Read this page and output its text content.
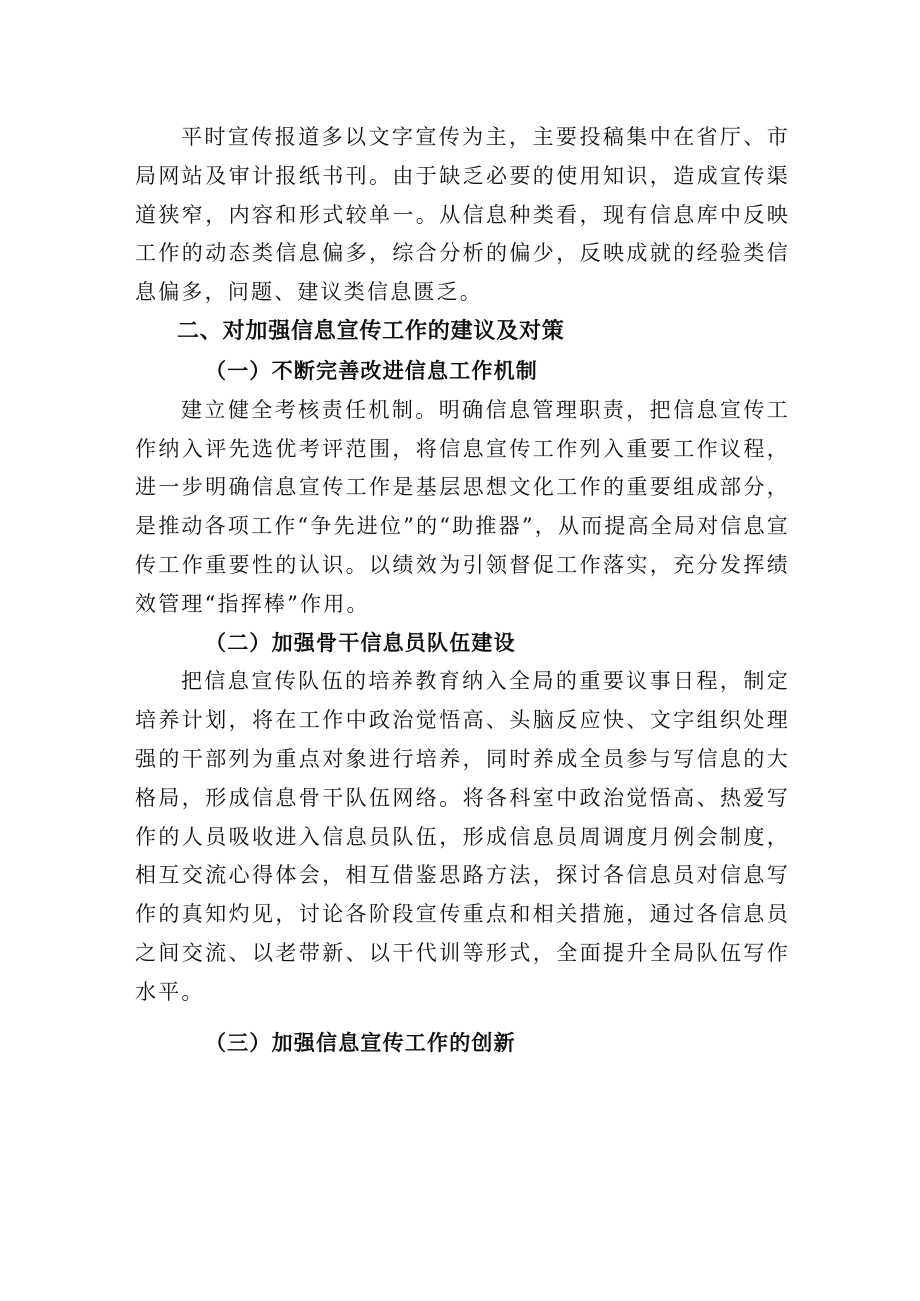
平时宣传报道多以文字宣传为主，主要投稿集中在省厅、市局网站及审计报纸书刊。由于缺乏必要的使用知识，造成宣传渠道狭窄，内容和形式较单一。从信息种类看，现有信息库中反映工作的动态类信息偏多，综合分析的偏少，反映成就的经验类信息偏多，问题、建议类信息匮乏。

二、对加强信息宣传工作的建议及对策
（一）不断完善改进信息工作机制

建立健全考核责任机制。明确信息管理职责，把信息宣传工作纳入评先选优考评范围，将信息宣传工作列入重要工作议程，进一步明确信息宣传工作是基层思想文化工作的重要组成部分，是推动各项工作“争先进位”的“助推器”，从而提高全局对信息宣传工作重要性的认识。以绩效为引领督促工作落实，充分发挥绩效管理“指挥棒”作用。

（二）加强骨干信息员队伍建设

把信息宣传队伍的培养教育纳入全局的重要议事日程，制定培养计划，将在工作中政治觉悟高、头脑反应快、文字组织处理强的干部列为重点对象进行培养，同时养成全员参与写信息的大格局，形成信息骨干队伍网络。将各科室中政治觉悟高、热爱写作的人员吸收进入信息员队伍，形成信息员周调度月例会制度，相互交流心得体会，相互借鉴思路方法，探讨各信息员对信息写作的真知灼见，讨论各阶段宣传重点和相关措施，通过各信息员之间交流、以老带新、以干代训等形式，全面提升全局队伍写作水平。

（三）加强信息宣传工作的创新
